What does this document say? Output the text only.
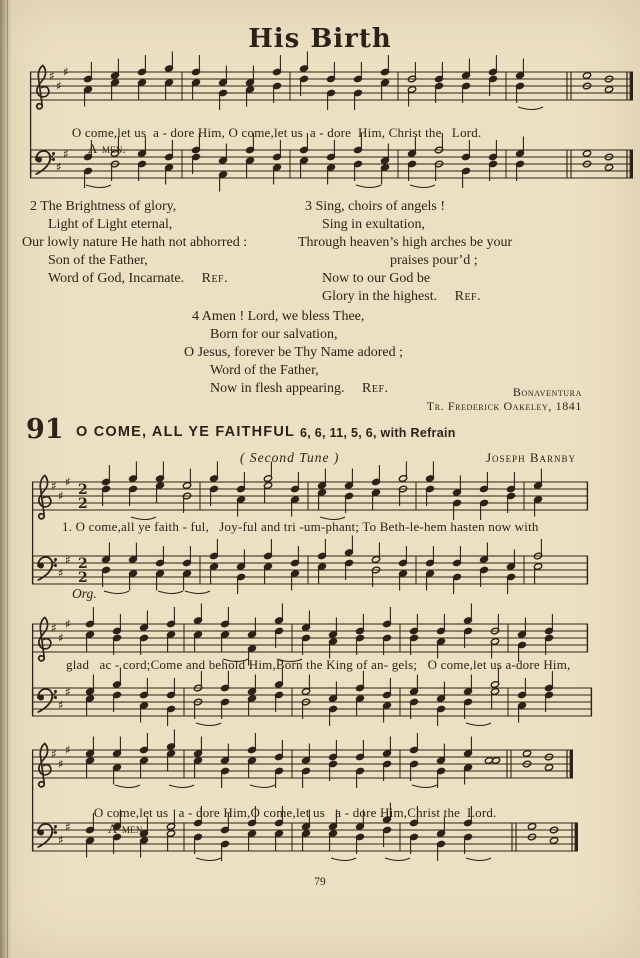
♯
♯
♯
♯
♯
♯
♯
♯
♯ 2
2
♯
♯
♯ 2
2
♯
♯
♯
♯
♯
♯
♯
♯
♯
♯
♯
♯
His Birth

O come,let us  a - dore Him, O come,let us  a - dore  Him, Christ the   Lord.
A-men.

2 The Brightness of glory,
Light of Light eternal,
Our lowly nature He hath not abhorred :
Son of the Father,
Word of God, Incarnate. Ref.
3 Sing, choirs of angels !
Sing in exultation,
Through heaven’s high arches be your
praises pour’d ;
Now to our God be
Glory in the highest. Ref.
4 Amen ! Lord, we bless Thee,
Born for our salvation,
O Jesus, forever be Thy Name adored ;
Word of the Father,
Now in flesh appearing. Ref.	Bonaventura
Tr. Frederick Oakeley, 1841
91 O COME, ALL YE FAITHFUL 6, 6, 11, 5, 6, with Refrain
( Second Tune )	Joseph Barnby
1. O come,all ye faith - ful,   Joy-ful and tri -um-phant; To Beth-le-hem hasten now with
Org.
glad   ac - cord;Come and behold Him,Born the King of an- gels;   O come,let us a-dore Him,

O come,let us   a - dore Him,O come,let us   a - dore Him,Christ the  Lord.
A-men.

79
